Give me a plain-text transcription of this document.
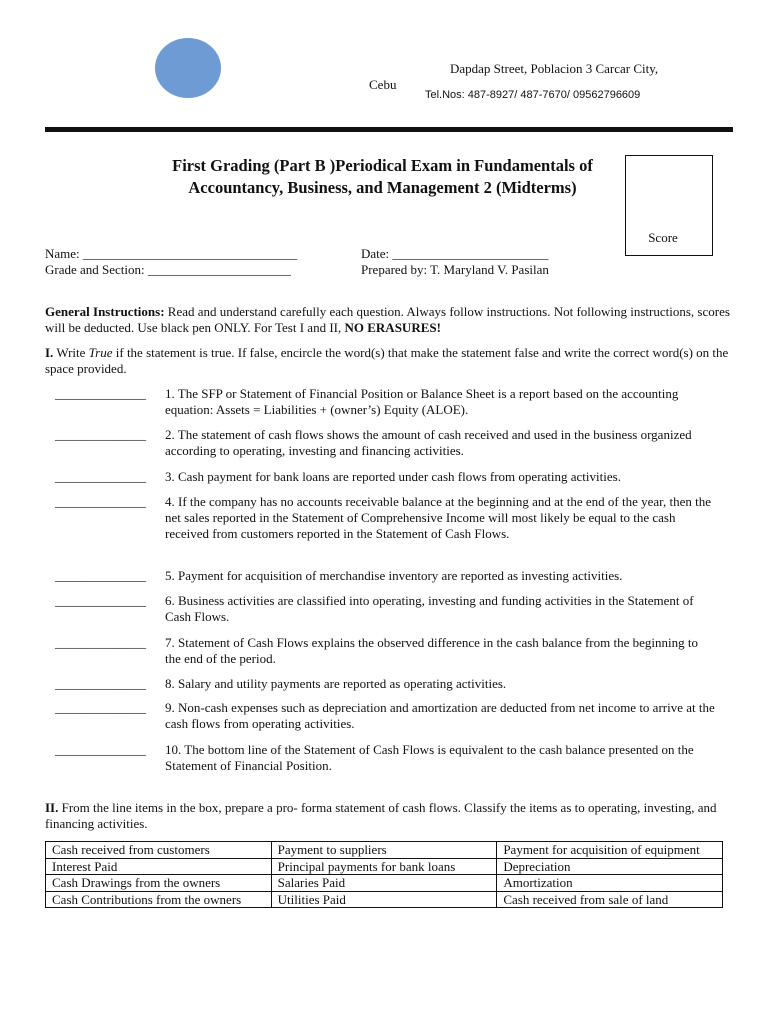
Dapdap Street, Poblacion 3 Carcar City,
Cebu
Tel.Nos: 487-8927/ 487-7670/ 09562796609
First Grading (Part B )Periodical Exam in Fundamentals of Accountancy, Business, and Management 2 (Midterms)
Score
Name: _________________________________	Date: ________________________
Grade and Section: ______________________	Prepared by: T. Maryland V. Pasilan
General Instructions: Read and understand carefully each question. Always follow instructions. Not following instructions, scores will be deducted. Use black pen ONLY. For Test I and II, NO ERASURES!
I. Write True if the statement is true. If false, encircle the word(s) that make the statement false and write the correct word(s) on the space provided.
______________ 1. The SFP or Statement of Financial Position or Balance Sheet is a report based on the accounting equation: Assets = Liabilities + (owner’s) Equity (ALOE).
______________ 2. The statement of cash flows shows the amount of cash received and used in the business organized according to operating, investing and financing activities.
______________ 3. Cash payment for bank loans are reported under cash flows from operating activities.
______________ 4. If the company has no accounts receivable balance at the beginning and at the end of the year, then the net sales reported in the Statement of Comprehensive Income will most likely be equal to the cash received from customers reported in the Statement of Cash Flows.
______________ 5. Payment for acquisition of merchandise inventory are reported as investing activities.
______________ 6. Business activities are classified into operating, investing and funding activities in the Statement of Cash Flows.
______________ 7. Statement of Cash Flows explains the observed difference in the cash balance from the beginning to the end of the period.
______________ 8. Salary and utility payments are reported as operating activities.
______________ 9. Non-cash expenses such as depreciation and amortization are deducted from net income to arrive at the cash flows from operating activities.
______________ 10. The bottom line of the Statement of Cash Flows is equivalent to the cash balance presented on the Statement of Financial Position.
II. From the line items in the box, prepare a pro- forma statement of cash flows. Classify the items as to operating, investing, and financing activities.
Cash received from customers	Payment to suppliers	Payment for acquisition of equipment
Interest Paid	Principal payments for bank loans	Depreciation
Cash Drawings from the owners	Salaries Paid	Amortization
Cash Contributions from the owners	Utilities Paid	Cash received from sale of land
